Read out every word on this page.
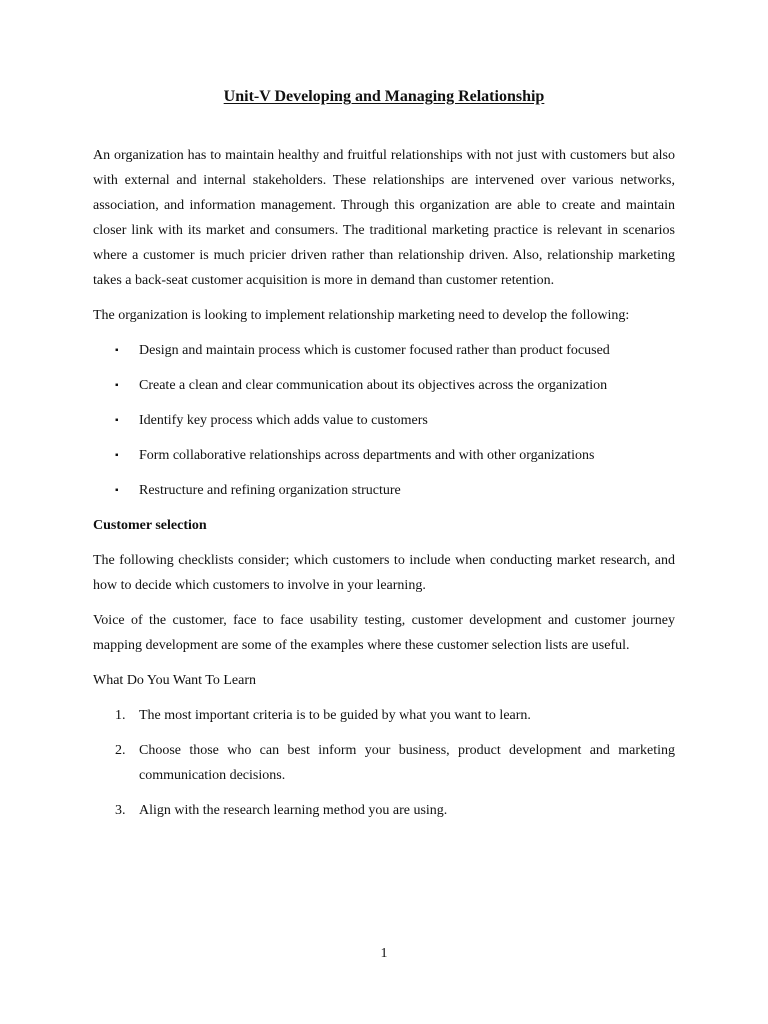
Unit-V Developing and Managing Relationship

An organization has to maintain healthy and fruitful relationships with not just with customers but also with external and internal stakeholders. These relationships are intervened over various networks, association, and information management. Through this organization are able to create and maintain closer link with its market and consumers. The traditional marketing practice is relevant in scenarios where a customer is much pricier driven rather than relationship driven. Also, relationship marketing takes a back-seat customer acquisition is more in demand than customer retention.

The organization is looking to implement relationship marketing need to develop the following:

▪ Design and maintain process which is customer focused rather than product focused
▪ Create a clean and clear communication about its objectives across the organization
▪ Identify key process which adds value to customers
▪ Form collaborative relationships across departments and with other organizations
▪ Restructure and refining organization structure

Customer selection

The following checklists consider; which customers to include when conducting market research, and how to decide which customers to involve in your learning.

Voice of the customer, face to face usability testing, customer development and customer journey mapping development are some of the examples where these customer selection lists are useful.

What Do You Want To Learn

1. The most important criteria is to be guided by what you want to learn.
2. Choose those who can best inform your business, product development and marketing communication decisions.
3. Align with the research learning method you are using.
1
